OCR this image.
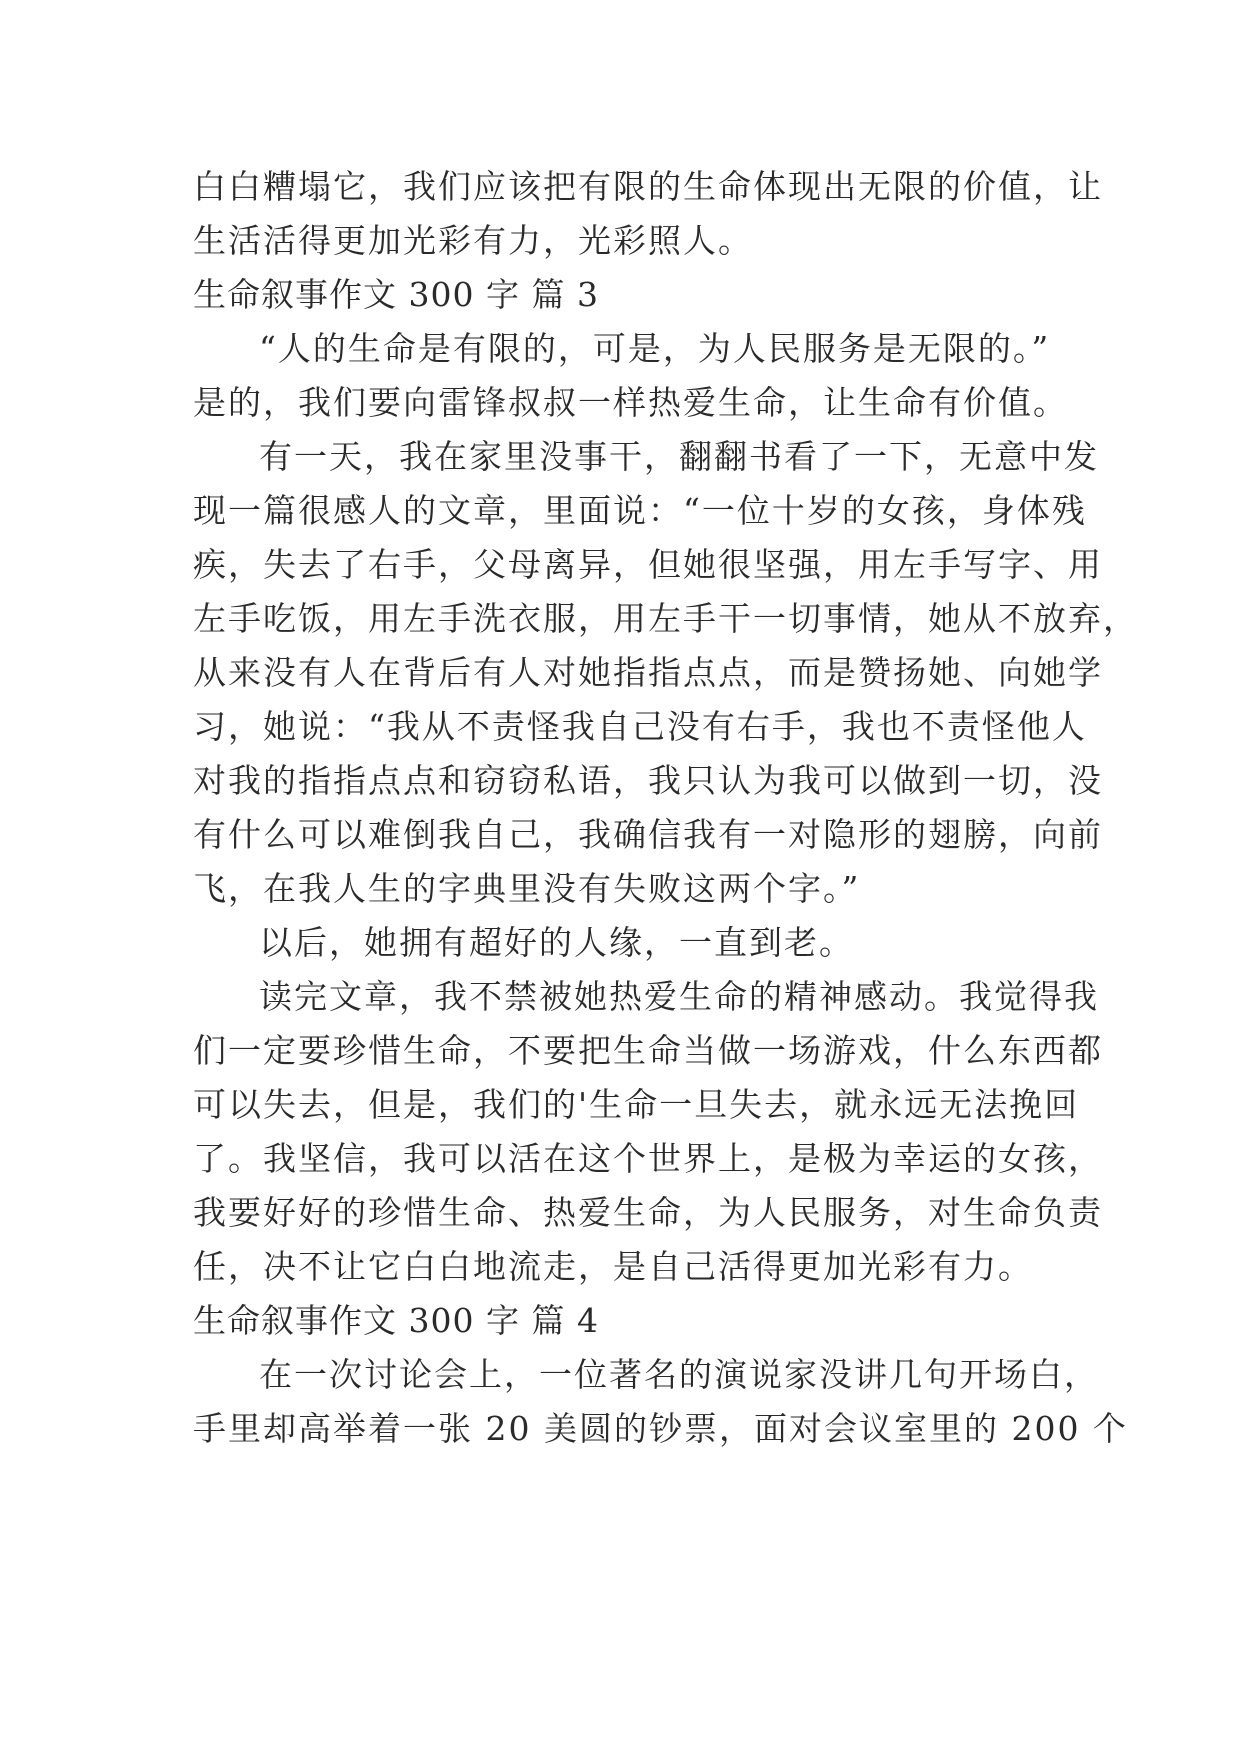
白白糟塌它，我们应该把有限的生命体现出无限的价值，让
生活活得更加光彩有力，光彩照人。
生命叙事作文 300 字 篇 3
“人的生命是有限的，可是，为人民服务是无限的。”
是的，我们要向雷锋叔叔一样热爱生命，让生命有价值。
有一天，我在家里没事干，翻翻书看了一下，无意中发
现一篇很感人的文章，里面说：“一位十岁的女孩，身体残
疾，失去了右手，父母离异，但她很坚强，用左手写字、用
左手吃饭，用左手洗衣服，用左手干一切事情，她从不放弃，
从来没有人在背后有人对她指指点点，而是赞扬她、向她学
习，她说：“我从不责怪我自己没有右手，我也不责怪他人
对我的指指点点和窃窃私语，我只认为我可以做到一切，没
有什么可以难倒我自己，我确信我有一对隐形的翅膀，向前
飞，在我人生的字典里没有失败这两个字。”
以后，她拥有超好的人缘，一直到老。
读完文章，我不禁被她热爱生命的精神感动。我觉得我
们一定要珍惜生命，不要把生命当做一场游戏，什么东西都
可以失去，但是，我们的'生命一旦失去，就永远无法挽回
了。我坚信，我可以活在这个世界上，是极为幸运的女孩，
我要好好的珍惜生命、热爱生命，为人民服务，对生命负责
任，决不让它白白地流走，是自己活得更加光彩有力。
生命叙事作文 300 字 篇 4
在一次讨论会上，一位著名的演说家没讲几句开场白，
手里却高举着一张 20 美圆的钞票，面对会议室里的 200 个
